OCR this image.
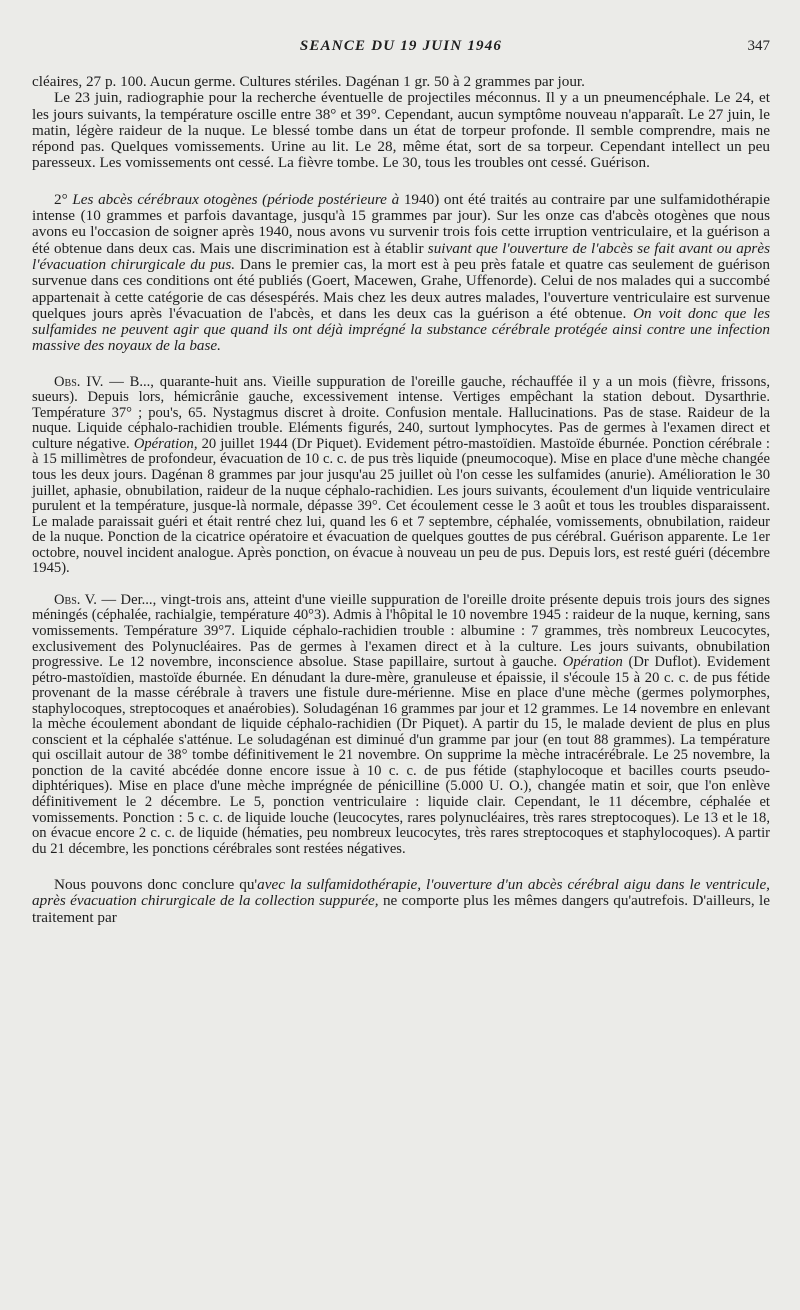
SEANCE DU 19 JUIN 1946	347

cléaires, 27 p. 100. Aucun germe. Cultures stériles. Dagénan 1 gr. 50 à 2 grammes par jour.

Le 23 juin, radiographie pour la recherche éventuelle de projectiles méconnus. Il y a un pneumencéphale. Le 24, et les jours suivants, la température oscille entre 38° et 39°. Cependant, aucun symptôme nouveau n'apparaît. Le 27 juin, le matin, légère raideur de la nuque. Le blessé tombe dans un état de torpeur profonde. Il semble comprendre, mais ne répond pas. Quelques vomissements. Urine au lit. Le 28, même état, sort de sa torpeur. Cependant intellect un peu paresseux. Les vomissements ont cessé. La fièvre tombe. Le 30, tous les troubles ont cessé. Guérison.

2° Les abcès cérébraux otogènes (période postérieure à 1940) ont été traités au contraire par une sulfamidothérapie intense (10 grammes et parfois davantage, jusqu'à 15 grammes par jour). Sur les onze cas d'abcès otogènes que nous avons eu l'occasion de soigner après 1940, nous avons vu survenir trois fois cette irruption ventriculaire, et la guérison a été obtenue dans deux cas. Mais une discrimination est à établir suivant que l'ouverture de l'abcès se fait avant ou après l'évacuation chirurgicale du pus. Dans le premier cas, la mort est à peu près fatale et quatre cas seulement de guérison survenue dans ces conditions ont été publiés (Goert, Macewen, Grahe, Uffenorde). Celui de nos malades qui a succombé appartenait à cette catégorie de cas désespérés. Mais chez les deux autres malades, l'ouverture ventriculaire est survenue quelques jours après l'évacuation de l'abcès, et dans les deux cas la guérison a été obtenue. On voit donc que les sulfamides ne peuvent agir que quand ils ont déjà imprégné la substance cérébrale protégée ainsi contre une infection massive des noyaux de la base.

Obs. IV. — B..., quarante-huit ans. Vieille suppuration de l'oreille gauche, réchauffée il y a un mois (fièvre, frissons, sueurs). Depuis lors, hémicrânie gauche, excessivement intense. Vertiges empêchant la station debout. Dysarthrie. Température 37° ; pou's, 65. Nystagmus discret à droite. Confusion mentale. Hallucinations. Pas de stase. Raideur de la nuque. Liquide céphalo-rachidien trouble. Eléments figurés, 240, surtout lymphocytes. Pas de germes à l'examen direct et culture négative. Opération, 20 juillet 1944 (Dr Piquet). Evidement pétro-mastoïdien. Mastoïde éburnée. Ponction cérébrale : à 15 millimètres de profondeur, évacuation de 10 c. c. de pus très liquide (pneumocoque). Mise en place d'une mèche changée tous les deux jours. Dagénan 8 grammes par jour jusqu'au 25 juillet où l'on cesse les sulfamides (anurie). Amélioration le 30 juillet, aphasie, obnubilation, raideur de la nuque céphalo-rachidien. Les jours suivants, écoulement d'un liquide ventriculaire purulent et la température, jusque-là normale, dépasse 39°. Cet écoulement cesse le 3 août et tous les troubles disparaissent. Le malade paraissait guéri et était rentré chez lui, quand les 6 et 7 septembre, céphalée, vomissements, obnubilation, raideur de la nuque. Ponction de la cicatrice opératoire et évacuation de quelques gouttes de pus cérébral. Guérison apparente. Le 1er octobre, nouvel incident analogue. Après ponction, on évacue à nouveau un peu de pus. Depuis lors, est resté guéri (décembre 1945).

Obs. V. — Der..., vingt-trois ans, atteint d'une vieille suppuration de l'oreille droite présente depuis trois jours des signes méningés (céphalée, rachialgie, température 40°3). Admis à l'hôpital le 10 novembre 1945 : raideur de la nuque, kerning, sans vomissements. Température 39°7. Liquide céphalo-rachidien trouble : albumine : 7 grammes, très nombreux Leucocytes, exclusivement des Polynucléaires. Pas de germes à l'examen direct et à la culture. Les jours suivants, obnubilation progressive. Le 12 novembre, inconscience absolue. Stase papillaire, surtout à gauche. Opération (Dr Duflot). Evidement pétro-mastoïdien, mastoïde éburnée. En dénudant la dure-mère, granuleuse et épaissie, il s'écoule 15 à 20 c. c. de pus fétide provenant de la masse cérébrale à travers une fistule dure-mérienne. Mise en place d'une mèche (germes polymorphes, staphylocoques, streptocoques et anaérobies). Soludagénan 16 grammes par jour et 12 grammes. Le 14 novembre en enlevant la mèche écoulement abondant de liquide céphalo-rachidien (Dr Piquet). A partir du 15, le malade devient de plus en plus conscient et la céphalée s'atténue. Le soludagénan est diminué d'un gramme par jour (en tout 88 grammes). La température qui oscillait autour de 38° tombe définitivement le 21 novembre. On supprime la mèche intracérébrale. Le 25 novembre, la ponction de la cavité abcédée donne encore issue à 10 c. c. de pus fétide (staphylocoque et bacilles courts pseudo-diphtériques). Mise en place d'une mèche imprégnée de pénicilline (5.000 U. O.), changée matin et soir, que l'on enlève définitivement le 2 décembre. Le 5, ponction ventriculaire : liquide clair. Cependant, le 11 décembre, céphalée et vomissements. Ponction : 5 c. c. de liquide louche (leucocytes, rares polynucléaires, très rares streptocoques). Le 13 et le 18, on évacue encore 2 c. c. de liquide (hématies, peu nombreux leucocytes, très rares streptocoques et staphylocoques). A partir du 21 décembre, les ponctions cérébrales sont restées négatives.

Nous pouvons donc conclure qu'avec la sulfamidothérapie, l'ouverture d'un abcès cérébral aigu dans le ventricule, après évacuation chirurgicale de la collection suppurée, ne comporte plus les mêmes dangers qu'autrefois. D'ailleurs, le traitement par
